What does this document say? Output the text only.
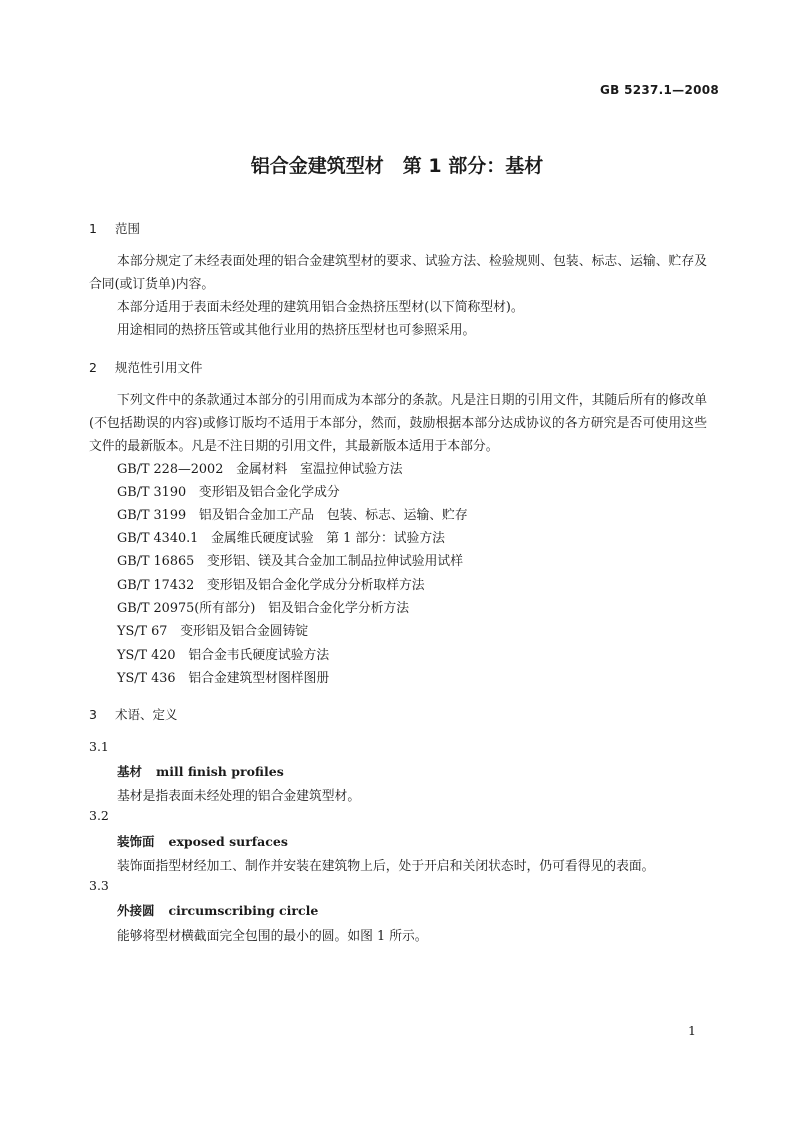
GB 5237.1—2008
铝合金建筑型材　第 1 部分：基材
1 范围
本部分规定了未经表面处理的铝合金建筑型材的要求、试验方法、检验规则、包装、标志、运输、贮存及合同(或订货单)内容。
本部分适用于表面未经处理的建筑用铝合金热挤压型材(以下简称型材)。
用途相同的热挤压管或其他行业用的热挤压型材也可参照采用。
2 规范性引用文件
下列文件中的条款通过本部分的引用而成为本部分的条款。凡是注日期的引用文件，其随后所有的修改单(不包括勘误的内容)或修订版均不适用于本部分，然而，鼓励根据本部分达成协议的各方研究是否可使用这些文件的最新版本。凡是不注日期的引用文件，其最新版本适用于本部分。
GB/T 228—2002　 金属材料　室温拉伸试验方法
GB/T 3190　 变形铝及铝合金化学成分
GB/T 3199　 铝及铝合金加工产品　包装、标志、运输、贮存
GB/T 4340.1　 金属维氏硬度试验　第 1 部分：试验方法
GB/T 16865　 变形铝、镁及其合金加工制品拉伸试验用试样
GB/T 17432　 变形铝及铝合金化学成分分析取样方法
GB/T 20975(所有部分)　 铝及铝合金化学分析方法
YS/T 67　 变形铝及铝合金圆铸锭
YS/T 420　 铝合金韦氏硬度试验方法
YS/T 436　 铝合金建筑型材图样图册
3 术语、定义
3.1
基材 mill finish profiles
基材是指表面未经处理的铝合金建筑型材。
3.2
装饰面 exposed surfaces
装饰面指型材经加工、制作并安装在建筑物上后，处于开启和关闭状态时，仍可看得见的表面。
3.3
外接圆 circumscribing circle
能够将型材横截面完全包围的最小的圆。如图 1 所示。
1
